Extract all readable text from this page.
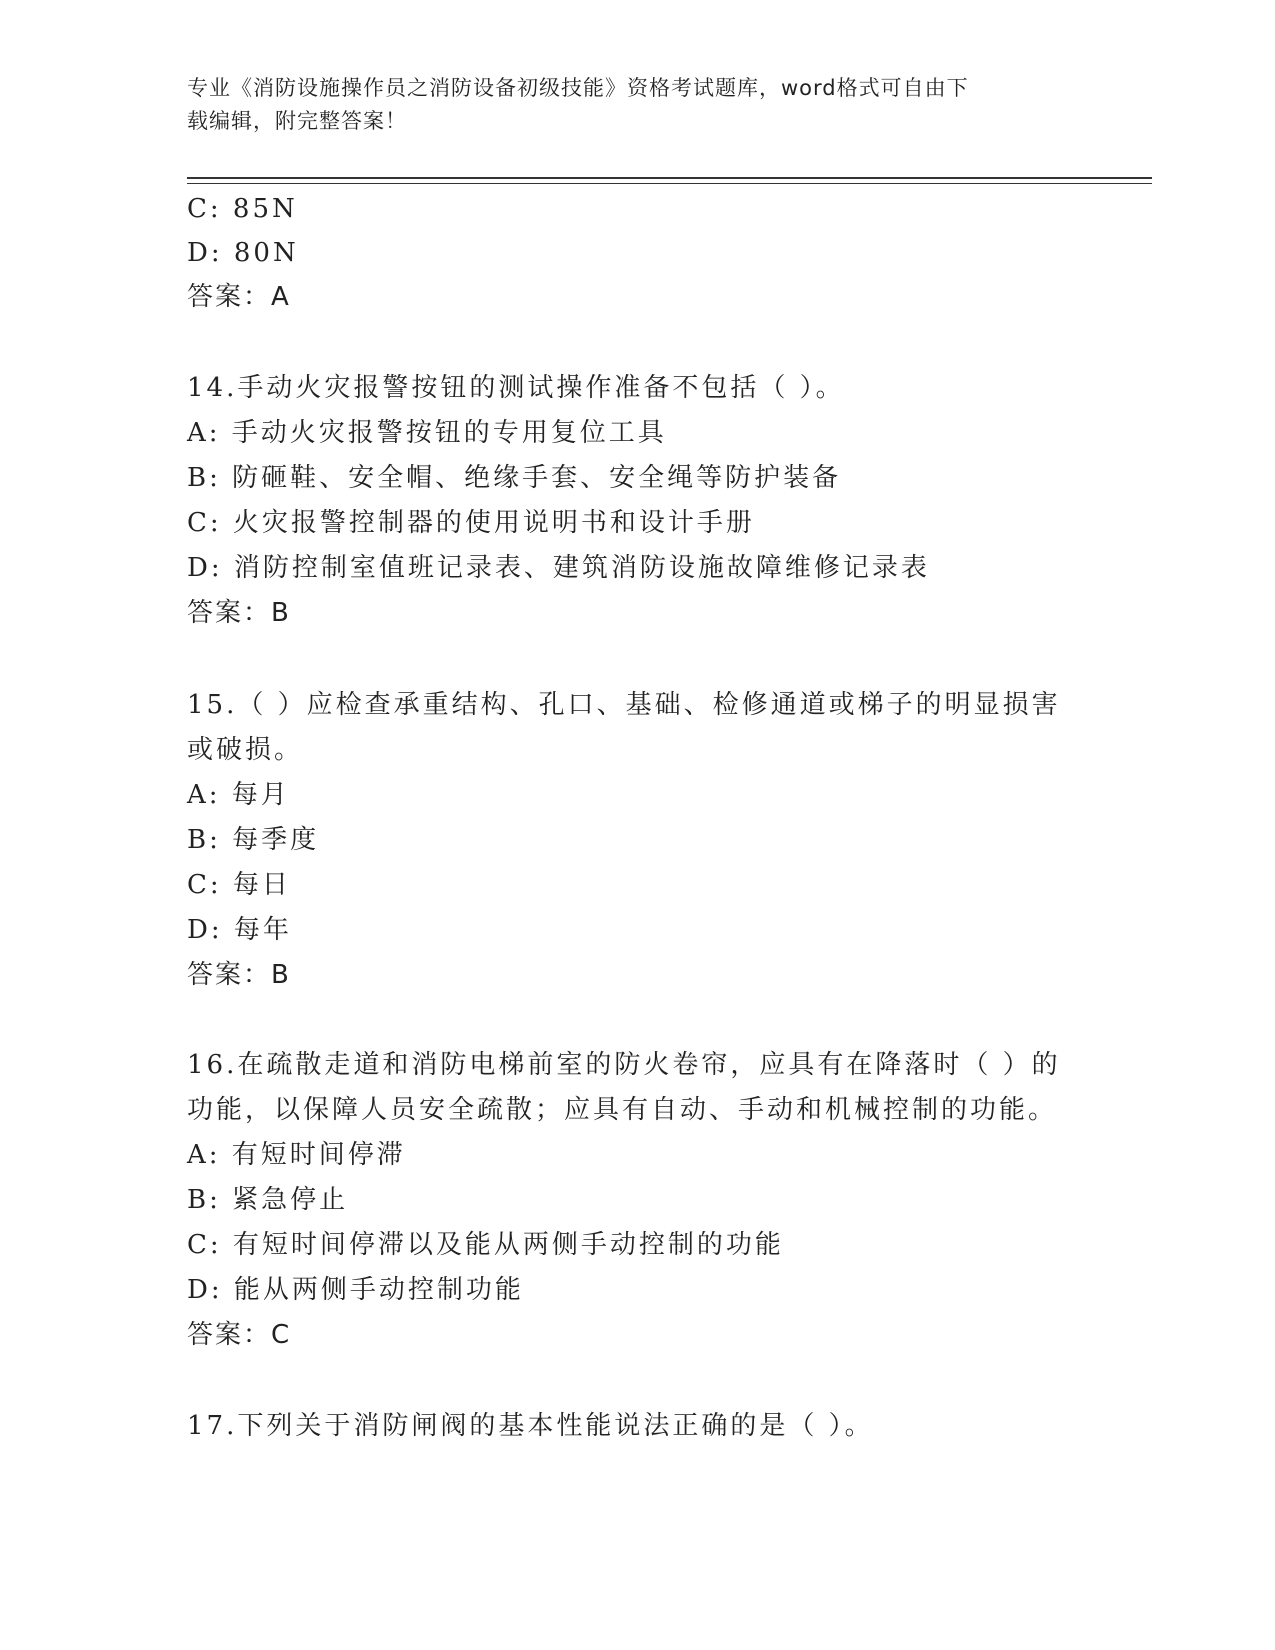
专业《消防设施操作员之消防设备初级技能》资格考试题库，word格式可自由下
载编辑，附完整答案！
C: 85N
D: 80N
答案：A
14.手动火灾报警按钮的测试操作准备不包括（ ）。
A: 手动火灾报警按钮的专用复位工具
B: 防砸鞋、安全帽、绝缘手套、安全绳等防护装备
C: 火灾报警控制器的使用说明书和设计手册
D: 消防控制室值班记录表、建筑消防设施故障维修记录表
答案：B
15.（ ）应检查承重结构、孔口、基础、检修通道或梯子的明显损害
或破损。
A: 每月
B: 每季度
C: 每日
D: 每年
答案：B
16.在疏散走道和消防电梯前室的防火卷帘，应具有在降落时（ ）的
功能，以保障人员安全疏散；应具有自动、手动和机械控制的功能。
A: 有短时间停滞
B: 紧急停止
C: 有短时间停滞以及能从两侧手动控制的功能
D: 能从两侧手动控制功能
答案：C
17.下列关于消防闸阀的基本性能说法正确的是（ ）。
